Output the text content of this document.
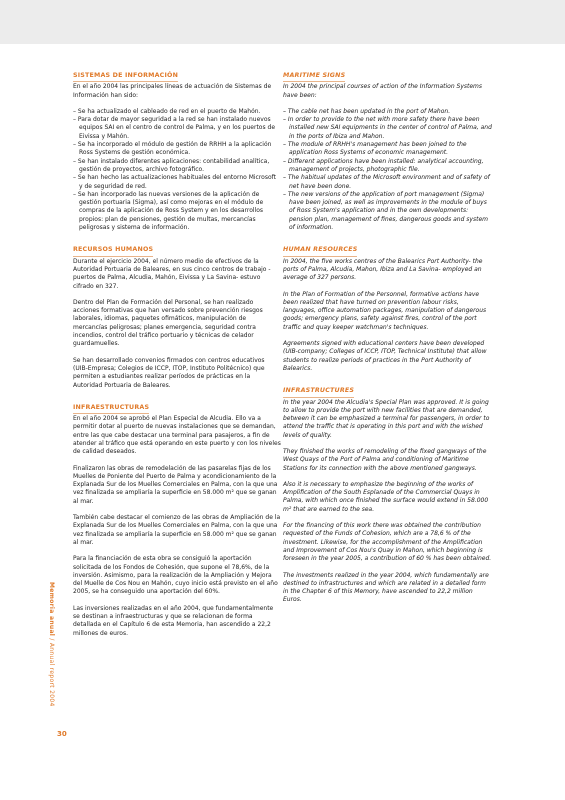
SISTEMAS DE INFORMACIÓN

En el año 2004 las principales líneas de actuación de Sistemas de Información han sido:

– Se ha actualizado el cableado de red en el puerto de Mahón.
– Para dotar de mayor seguridad a la red se han instalado nuevos equipos SAI en el centro de control de Palma, y en los puertos de Eivissa y Mahón.
– Se ha incorporado el módulo de gestión de RRHH a la aplicación Ross Systems de gestión económica.
– Se han instalado diferentes aplicaciones: contabilidad analítica, gestión de proyectos, archivo fotográfico.
– Se han hecho las actualizaciones habituales del entorno Microsoft y de seguridad de red.
– Se han incorporado las nuevas versiones de la aplicación de gestión portuaria (Sigma), así como mejoras en el módulo de compras de la aplicación de Ross System y en los desarrollos propios: plan de pensiones, gestión de multas, mercancías peligrosas y sistema de información.
RECURSOS HUMANOS

Durante el ejercicio 2004, el número medio de efectivos de la Autoridad Portuaria de Baleares, en sus cinco centros de trabajo - puertos de Palma, Alcudia, Mahón, Eivissa y La Savina- estuvo cifrado en 327.

Dentro del Plan de Formación del Personal, se han realizado acciones formativas que han versado sobre prevención riesgos laborales, idiomas, paquetes ofimáticos, manipulación de mercancías peligrosas; planes emergencia, seguridad contra incendios, control del tráfico portuario y técnicas de celador guardamuelles.

Se han desarrollado convenios firmados con centros educativos (UIB-Empresa; Colegios de ICCP, ITOP, Instituto Politécnico) que permiten a estudiantes realizar períodos de prácticas en la Autoridad Portuaria de Baleares.

INFRAESTRUCTURAS

En el año 2004 se aprobó el Plan Especial de Alcudia. Ello va a permitir dotar al puerto de nuevas instalaciones que se demandan, entre las que cabe destacar una terminal para pasajeros, a fin de atender al tráfico que está operando en este puerto y con los niveles de calidad deseados.

Finalizaron las obras de remodelación de las pasarelas fijas de los Muelles de Poniente del Puerto de Palma y acondicionamiento de la Explanada Sur de los Muelles Comerciales en Palma, con la que una vez finalizada se ampliaría la superficie en 58.000 m² que se ganan al mar.

También cabe destacar el comienzo de las obras de Ampliación de la Explanada Sur de los Muelles Comerciales en Palma, con la que una vez finalizada se ampliaría la superficie en 58.000 m² que se ganan al mar.

Para la financiación de esta obra se consiguió la aportación solicitada de los Fondos de Cohesión, que supone el 78,6%, de la inversión. Asimismo, para la realización de la Ampliación y Mejora del Muelle de Cos Nou en Mahón, cuyo inicio está previsto en el año 2005, se ha conseguido una aportación del 60%.

Las inversiones realizadas en el año 2004, que fundamentalmente se destinan a infraestructuras y que se relacionan de forma detallada en el Capítulo 6 de esta Memoria, han ascendido a 22,2 millones de euros.

MARITIME SIGNS

In 2004 the principal courses of action of the Information Systems have been:

– The cable net has been updated in the port of Mahon.
– In order to provide to the net with more safety there have been installed new SAI equipments in the center of control of Palma, and in the ports of Ibiza and Mahon.
– The module of RRHH's management has been joined to the application Ross Systems of economic management.
– Different applications have been installed: analytical accounting, management of projects, photographic file.
– The habitual updates of the Microsoft environment and of safety of net have been done.
– The new versions of the application of port management (Sigma) have been joined, as well as improvements in the module of buys of Ross System's application and in the own developments: pension plan, management of fines, dangerous goods and system of information.
HUMAN RESOURCES

In 2004, the five works centres of the Balearics Port Authority- the ports of Palma, Alcudia, Mahon, Ibiza and La Savina- employed an average of 327 persons.

In the Plan of Formation of the Personnel, formative actions have been realized that have turned on prevention labour risks, languages, office automation packages, manipulation of dangerous goods; emergency plans, safety against fires, control of the port traffic and quay keeper watchman's techniques.

Agreements signed with educational centers have been developed (UIB-company; Colleges of ICCP, ITOP, Technical Institute) that allow students to realize periods of practices in the Port Authority of Balearics.

INFRASTRUCTURES

In the year 2004 the Alcudia's Special Plan was approved. It is going to allow to provide the port with new facilities that are demanded, between it can be emphasized a terminal for passengers, in order to attend the traffic that is operating in this port and with the wished levels of quality.

They finished the works of remodeling of the fixed gangways of the West Quays of the Port of Palma and conditioning of Maritime Stations for its connection with the above mentioned gangways.

Also it is necessary to emphasize the beginning of the works of Amplification of the South Esplanade of the Commercial Quays in Palma, with which once finished the surface would extend in 58.000 m² that are earned to the sea.

For the financing of this work there was obtained the contribution requested of the Funds of Cohesion, which are a 78,6 % of the investment. Likewise, for the accomplishment of the Amplification and Improvement of Cos Nou's Quay in Mahon, which beginning is foreseen in the year 2005, a contribution of 60 % has been obtained.

The investments realized in the year 2004, which fundamentally are destined to infrastructures and which are related in a detailed form in the Chapter 6 of this Memory, have ascended to 22,2 million Euros.

Memoria anual / Annual report 2004
30
